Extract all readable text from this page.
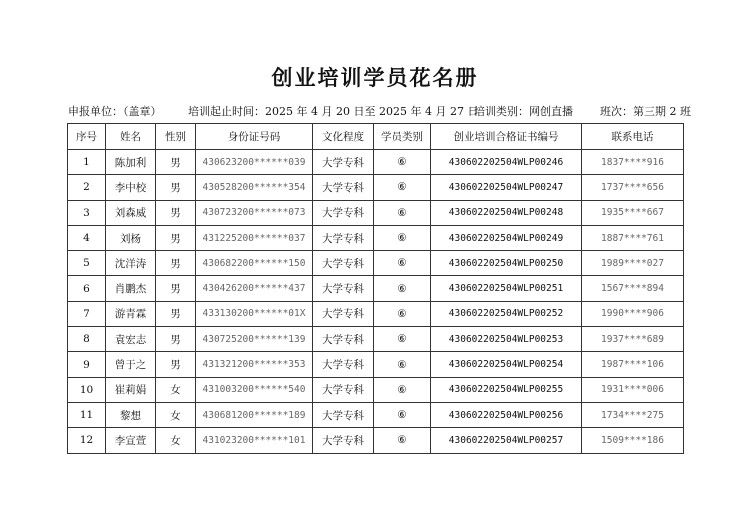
创业培训学员花名册
申报单位：（盖章） 培训起止时间：2025 年 4 月 20 日至 2025 年 4 月 27 日
培训类别：网创直播 班次：第三期 2 班
序号	姓名	性别	身份证号码	文化程度	学员类别	创业培训合格证书编号	联系电话
1	陈加利	男	430623200******039	大学专科	⑥	430602202504WLP00246	1837****916
2	李中校	男	430528200******354	大学专科	⑥	430602202504WLP00247	1737****656
3	刘森威	男	430723200******073	大学专科	⑥	430602202504WLP00248	1935****667
4	刘杨	男	431225200******037	大学专科	⑥	430602202504WLP00249	1887****761
5	沈洋涛	男	430682200******150	大学专科	⑥	430602202504WLP00250	1989****027
6	肖鹏杰	男	430426200******437	大学专科	⑥	430602202504WLP00251	1567****894
7	游青霖	男	433130200******01X	大学专科	⑥	430602202504WLP00252	1990****906
8	袁宏志	男	430725200******139	大学专科	⑥	430602202504WLP00253	1937****689
9	曾于之	男	431321200******353	大学专科	⑥	430602202504WLP00254	1987****106
10	崔莉娟	女	431003200******540	大学专科	⑥	430602202504WLP00255	1931****006
11	黎想	女	430681200******189	大学专科	⑥	430602202504WLP00256	1734****275
12	李宣萱	女	431023200******101	大学专科	⑥	430602202504WLP00257	1509****186
